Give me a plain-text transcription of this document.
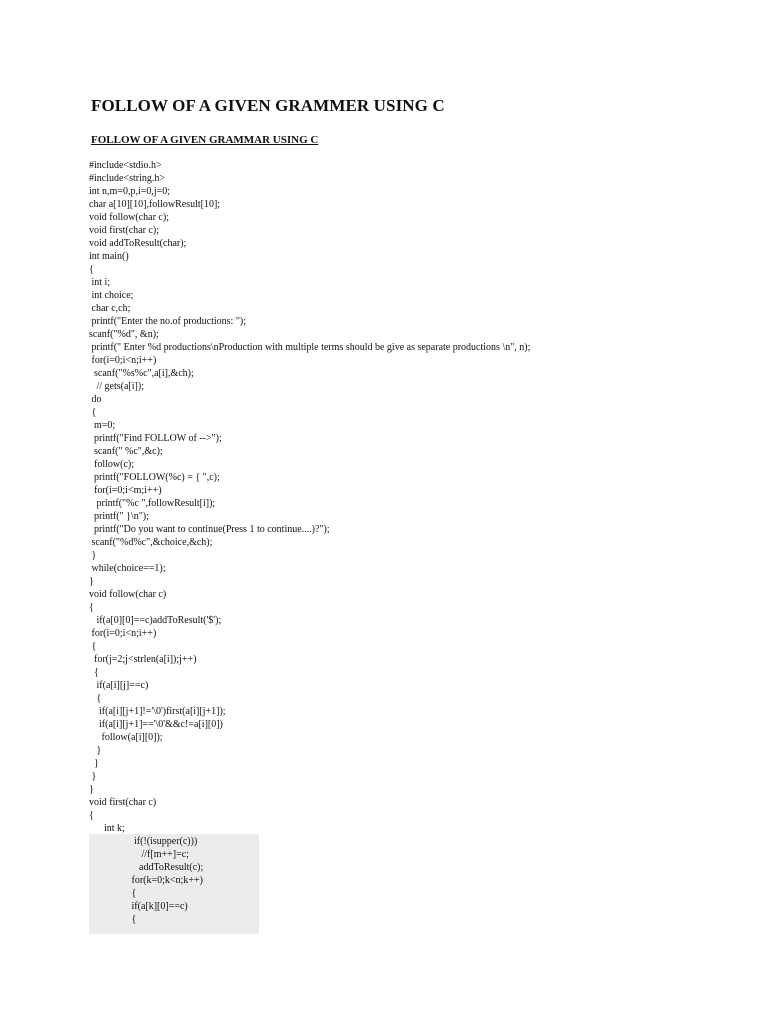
FOLLOW OF A GIVEN GRAMMER USING C
FOLLOW OF A GIVEN GRAMMAR USING C
#include<stdio.h>
#include<string.h>
int n,m=0,p,i=0,j=0;
char a[10][10],followResult[10];
void follow(char c);
void first(char c);
void addToResult(char);
int main()
{
int i;
int choice;
char c,ch;
printf("Enter the no.of productions: ");
scanf("%d", &n);
printf(" Enter %d productions\nProduction with multiple terms should be give as separate productions \n", n);
for(i=0;i<n;i++)
scanf("%s%c",a[i],&ch);
// gets(a[i]);
do
{
m=0;
printf("Find FOLLOW of -->");
scanf(" %c",&c);
follow(c);
printf("FOLLOW(%c) = { ",c);
for(i=0;i<m;i++)
printf("%c ",followResult[i]);
printf(" }\n");
printf("Do you want to continue(Press 1 to continue....)?");
scanf("%d%c",&choice,&ch);
}
while(choice==1);
}
void follow(char c)
{
if(a[0][0]==c)addToResult('$');
for(i=0;i<n;i++)
{
for(j=2;j<strlen(a[i]);j++)
{
if(a[i][j]==c)
{
if(a[i][j+1]!='\0')first(a[i][j+1]);
if(a[i][j+1]=='\0'&&c!=a[i][0])
follow(a[i][0]);
}
}
}
}
void first(char c)
{
int k;
if(!(isupper(c)))
//f[m++]=c;
addToResult(c);
for(k=0;k<n;k++)
{
if(a[k][0]==c)
{
